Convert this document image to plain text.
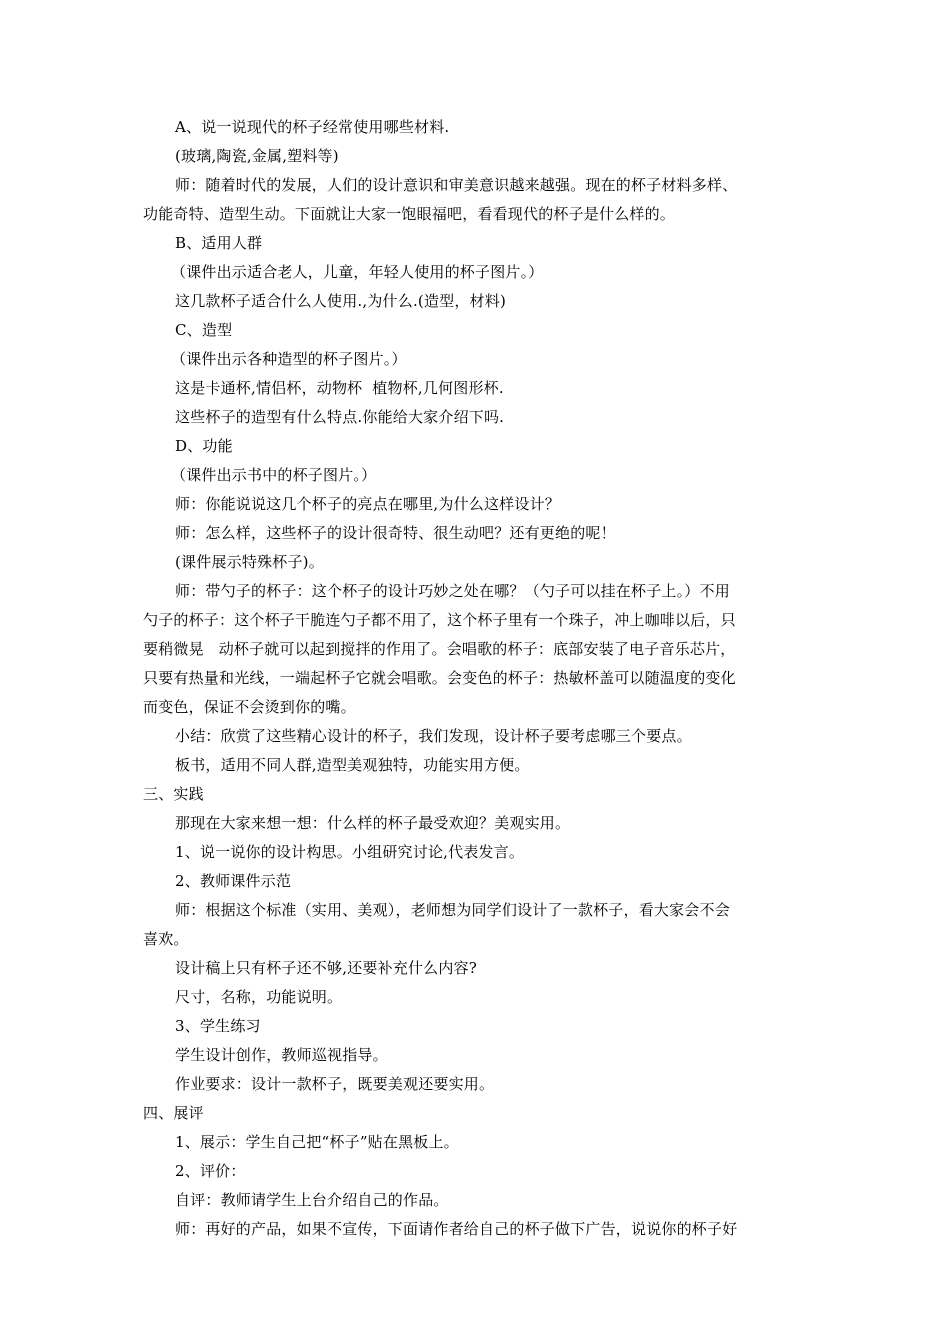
A、说一说现代的杯子经常使用哪些材料.
(玻璃,陶瓷,金属,塑料等)
师：随着时代的发展，人们的设计意识和审美意识越来越强。现在的杯子材料多样、
功能奇特、造型生动。下面就让大家一饱眼福吧，看看现代的杯子是什么样的。
B、适用人群
（课件出示适合老人，儿童，年轻人使用的杯子图片。）
这几款杯子适合什么人使用.,为什么.(造型，材料)
C、造型
（课件出示各种造型的杯子图片。）
这是卡通杯,情侣杯，动物杯  植物杯,几何图形杯.
这些杯子的造型有什么特点.你能给大家介绍下吗.
D、功能
（课件出示书中的杯子图片。）
师：你能说说这几个杯子的亮点在哪里,为什么这样设计？
师：怎么样，这些杯子的设计很奇特、很生动吧？还有更绝的呢！
(课件展示特殊杯子)。
师：带勺子的杯子：这个杯子的设计巧妙之处在哪？（勺子可以挂在杯子上。）不用
勺子的杯子：这个杯子干脆连勺子都不用了，这个杯子里有一个珠子，冲上咖啡以后，只
要稍微晃   动杯子就可以起到搅拌的作用了。会唱歌的杯子：底部安装了电子音乐芯片，
只要有热量和光线，一端起杯子它就会唱歌。会变色的杯子：热敏杯盖可以随温度的变化
而变色，保证不会烫到你的嘴。
小结：欣赏了这些精心设计的杯子，我们发现，设计杯子要考虑哪三个要点。
板书，适用不同人群,造型美观独特，功能实用方便。
三、实践
那现在大家来想一想：什么样的杯子最受欢迎？美观实用。
1、说一说你的设计构思。小组研究讨论,代表发言。
2、教师课件示范
师：根据这个标准（实用、美观），老师想为同学们设计了一款杯子，看大家会不会
喜欢。
设计稿上只有杯子还不够,还要补充什么内容?
尺寸，名称，功能说明。
3、学生练习
学生设计创作，教师巡视指导。
作业要求：设计一款杯子，既要美观还要实用。
四、展评
1、展示：学生自己把“杯子”贴在黑板上。
2、评价：
自评：教师请学生上台介绍自己的作品。
师：再好的产品，如果不宣传，下面请作者给自己的杯子做下广告，说说你的杯子好
